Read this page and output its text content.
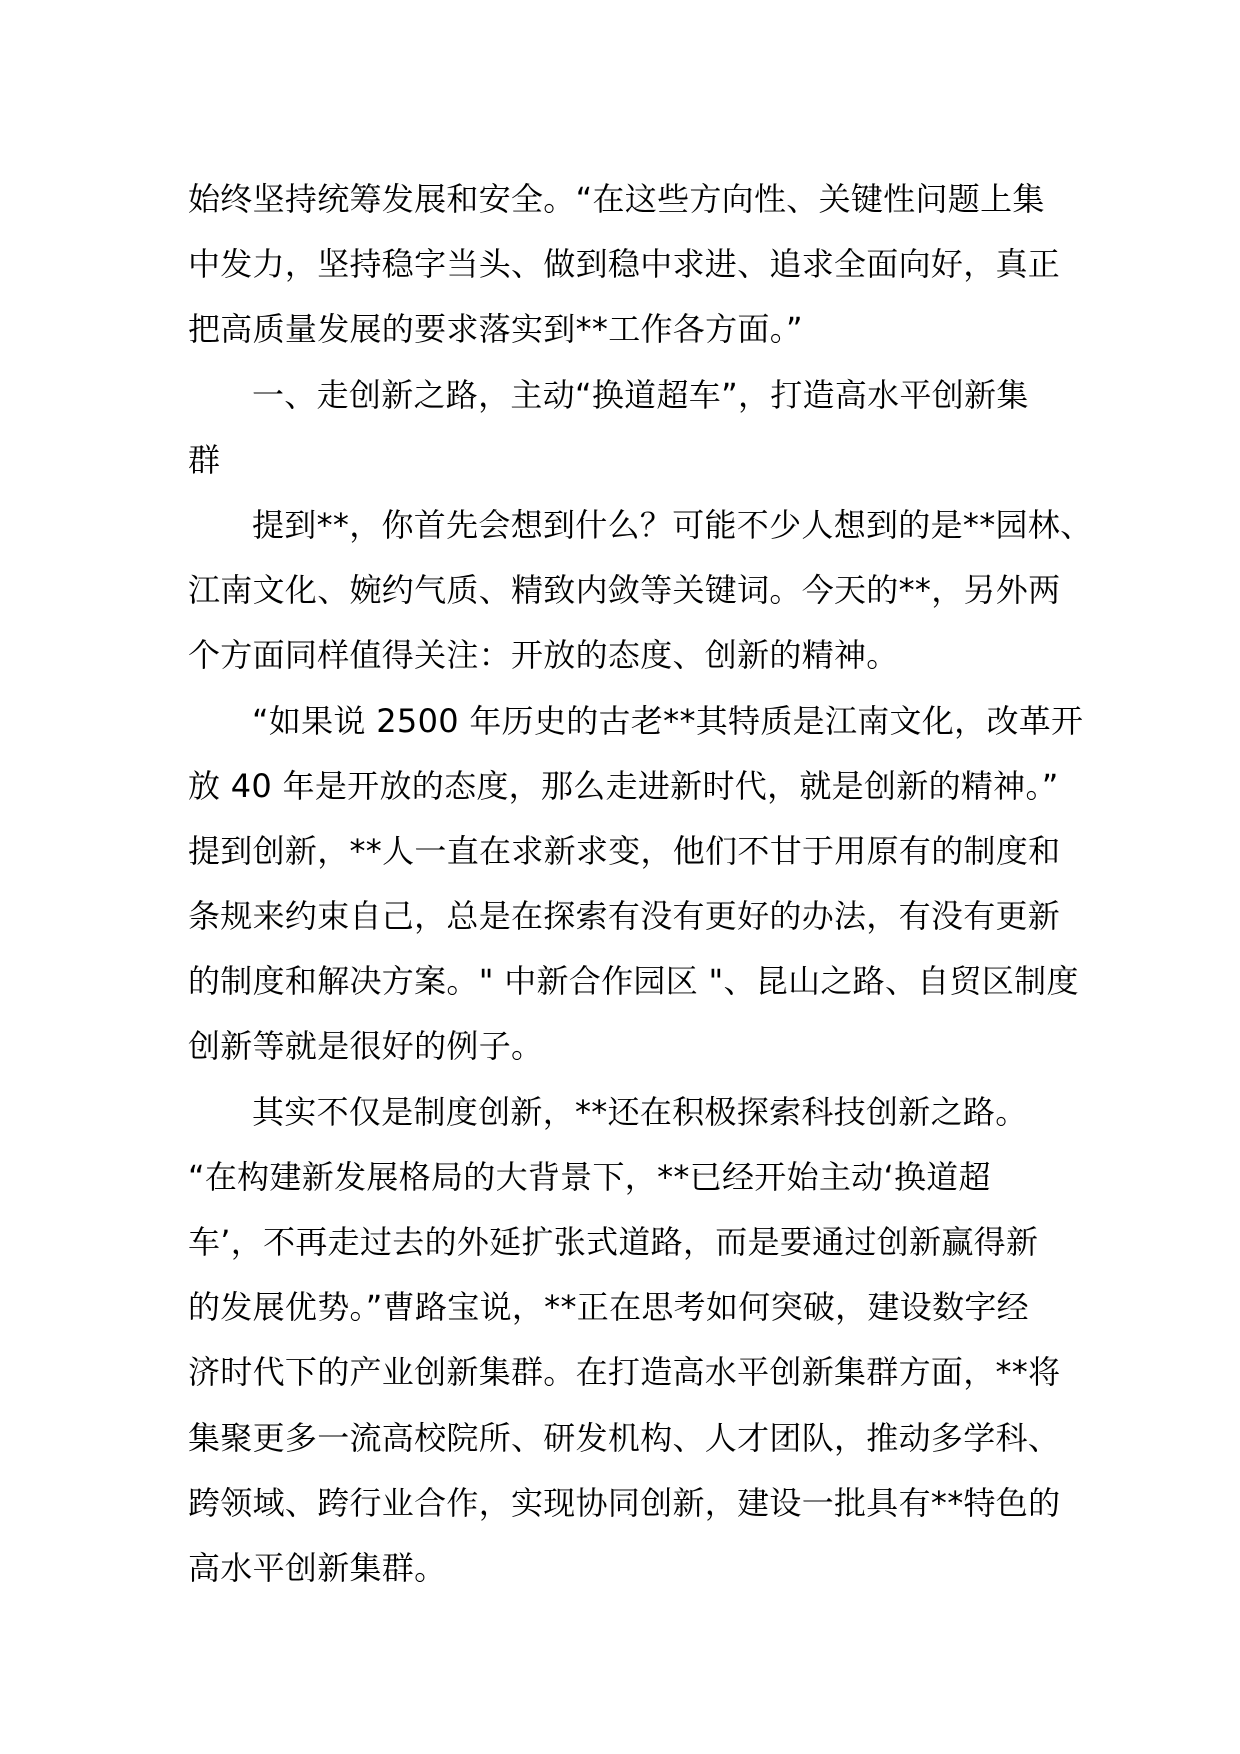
始终坚持统筹发展和安全。“在这些方向性、关键性问题上集
中发力，坚持稳字当头、做到稳中求进、追求全面向好，真正
把高质量发展的要求落实到**工作各方面。”
一、走创新之路，主动“换道超车”，打造高水平创新集
群
提到**，你首先会想到什么？可能不少人想到的是**园林、
江南文化、婉约气质、精致内敛等关键词。今天的**，另外两
个方面同样值得关注：开放的态度、创新的精神。
“如果说 2500 年历史的古老**其特质是江南文化，改革开
放 40 年是开放的态度，那么走进新时代，就是创新的精神。”
提到创新，**人一直在求新求变，他们不甘于用原有的制度和
条规来约束自己，总是在探索有没有更好的办法，有没有更新
的制度和解决方案。" 中新合作园区 "、昆山之路、自贸区制度
创新等就是很好的例子。
其实不仅是制度创新，**还在积极探索科技创新之路。
“在构建新发展格局的大背景下，**已经开始主动‘换道超
车’，不再走过去的外延扩张式道路，而是要通过创新赢得新
的发展优势。”曹路宝说，**正在思考如何突破，建设数字经
济时代下的产业创新集群。在打造高水平创新集群方面，**将
集聚更多一流高校院所、研发机构、人才团队，推动多学科、
跨领域、跨行业合作，实现协同创新，建设一批具有**特色的
高水平创新集群。
